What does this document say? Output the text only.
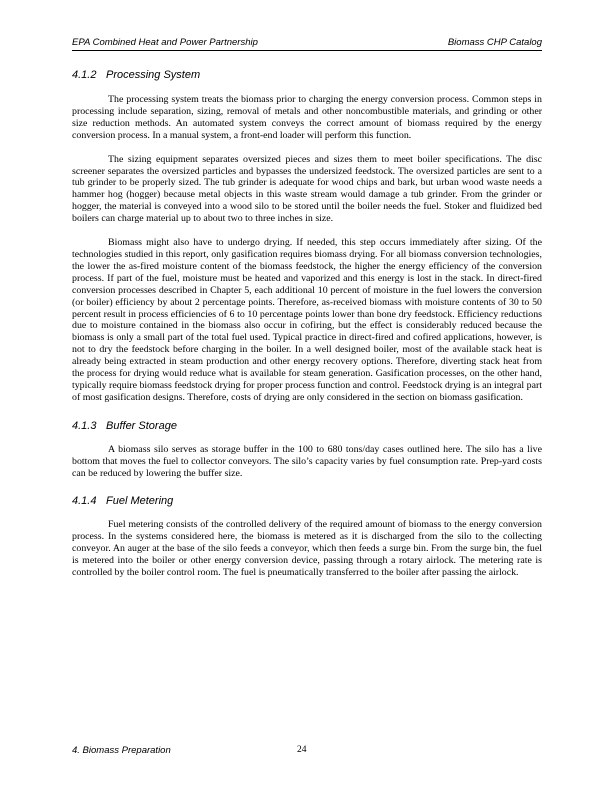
EPA Combined Heat and Power Partnership	Biomass CHP Catalog
4.1.2 Processing System

The processing system treats the biomass prior to charging the energy conversion process. Common steps in processing include separation, sizing, removal of metals and other noncombustible materials, and grinding or other size reduction methods. An automated system conveys the correct amount of biomass required by the energy conversion process. In a manual system, a front-end loader will perform this function.

The sizing equipment separates oversized pieces and sizes them to meet boiler specifications. The disc screener separates the oversized particles and bypasses the undersized feedstock. The oversized particles are sent to a tub grinder to be properly sized. The tub grinder is adequate for wood chips and bark, but urban wood waste needs a hammer hog (hogger) because metal objects in this waste stream would damage a tub grinder. From the grinder or hogger, the material is conveyed into a wood silo to be stored until the boiler needs the fuel. Stoker and fluidized bed boilers can charge material up to about two to three inches in size.

Biomass might also have to undergo drying. If needed, this step occurs immediately after sizing. Of the technologies studied in this report, only gasification requires biomass drying. For all biomass conversion technologies, the lower the as-fired moisture content of the biomass feedstock, the higher the energy efficiency of the conversion process. If part of the fuel, moisture must be heated and vaporized and this energy is lost in the stack. In direct-fired conversion processes described in Chapter 5, each additional 10 percent of moisture in the fuel lowers the conversion (or boiler) efficiency by about 2 percentage points. Therefore, as-received biomass with moisture contents of 30 to 50 percent result in process efficiencies of 6 to 10 percentage points lower than bone dry feedstock. Efficiency reductions due to moisture contained in the biomass also occur in cofiring, but the effect is considerably reduced because the biomass is only a small part of the total fuel used. Typical practice in direct-fired and cofired applications, however, is not to dry the feedstock before charging in the boiler. In a well designed boiler, most of the available stack heat is already being extracted in steam production and other energy recovery options. Therefore, diverting stack heat from the process for drying would reduce what is available for steam generation. Gasification processes, on the other hand, typically require biomass feedstock drying for proper process function and control. Feedstock drying is an integral part of most gasification designs. Therefore, costs of drying are only considered in the section on biomass gasification.

4.1.3 Buffer Storage

A biomass silo serves as storage buffer in the 100 to 680 tons/day cases outlined here. The silo has a live bottom that moves the fuel to collector conveyors. The silo’s capacity varies by fuel consumption rate. Prep-yard costs can be reduced by lowering the buffer size.

4.1.4 Fuel Metering

Fuel metering consists of the controlled delivery of the required amount of biomass to the energy conversion process. In the systems considered here, the biomass is metered as it is discharged from the silo to the collecting conveyor. An auger at the base of the silo feeds a conveyor, which then feeds a surge bin. From the surge bin, the fuel is metered into the boiler or other energy conversion device, passing through a rotary airlock. The metering rate is controlled by the boiler control room. The fuel is pneumatically transferred to the boiler after passing the airlock.

4. Biomass Preparation	24
